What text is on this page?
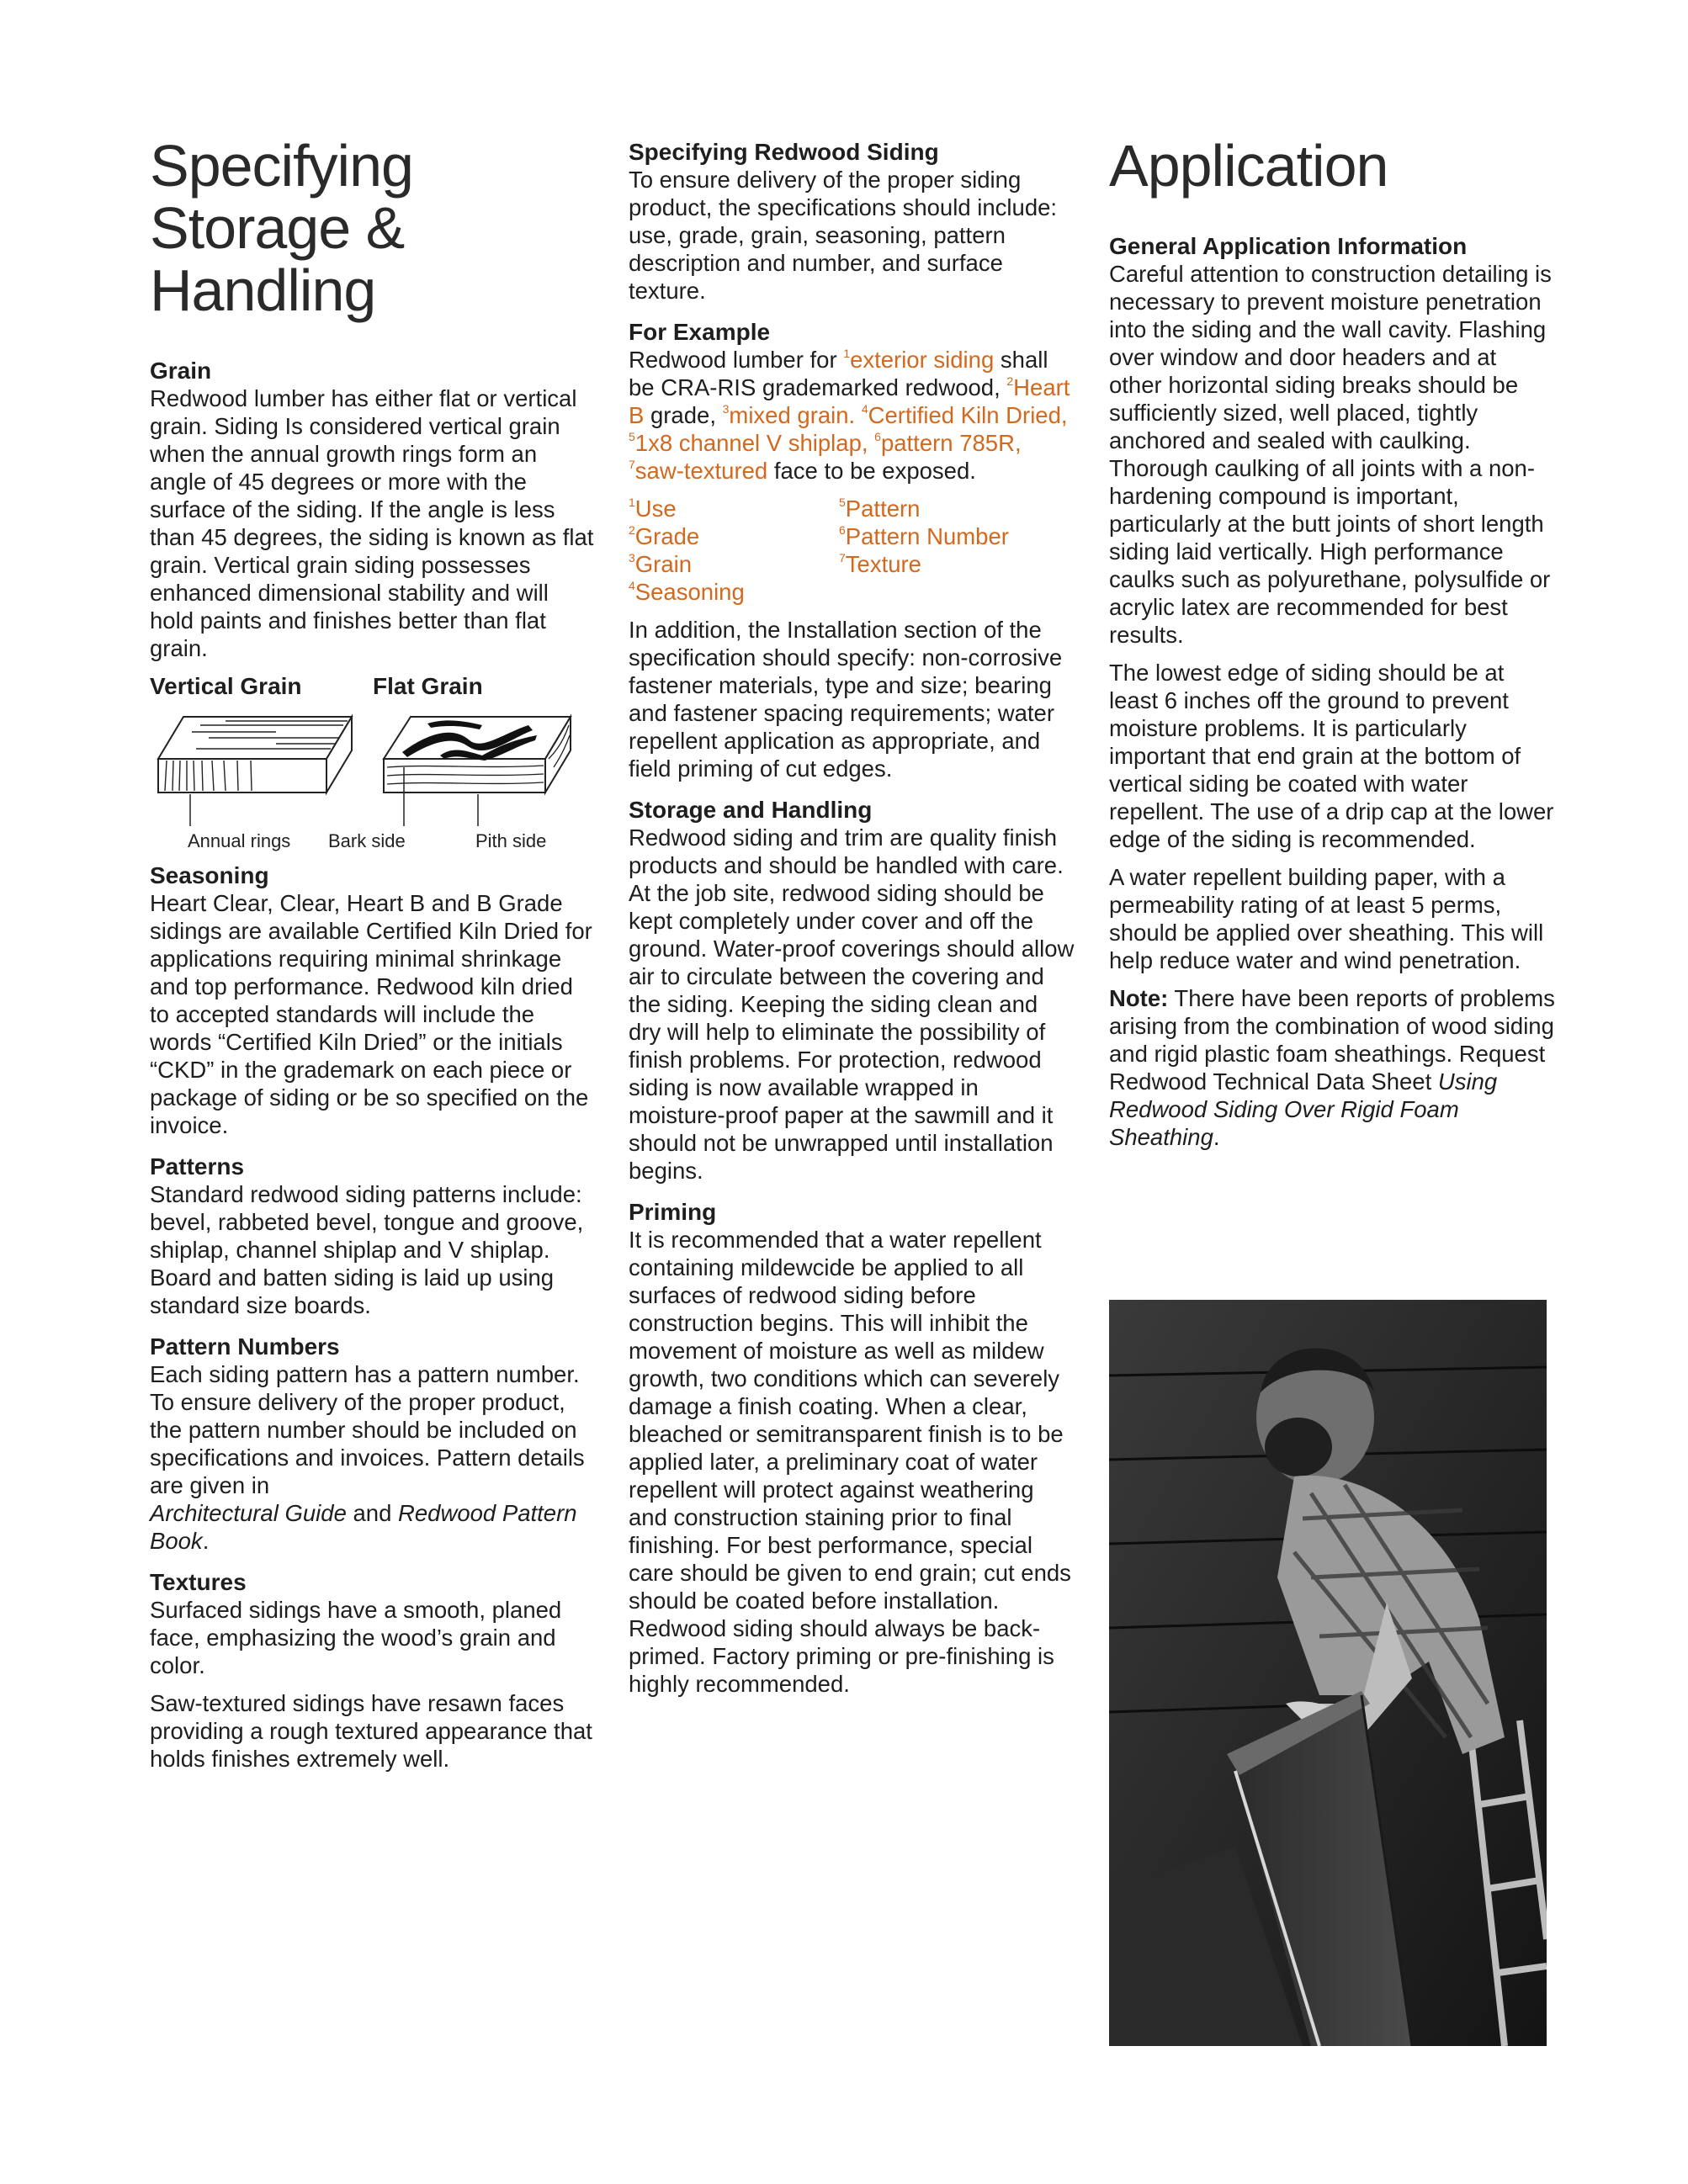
Specifying
Storage & Handling
Grain

Redwood lumber has either flat or vertical grain. Siding Is considered vertical grain when the annual growth rings form an angle of 45 degrees or more with the surface of the siding. If the angle is less than 45 degrees, the siding is known as flat grain. Vertical grain siding possesses enhanced dimensional stability and will hold paints and finishes better than flat grain.

Vertical Grain	Flat Grain
Annual rings Bark side	Pith side
Seasoning

Heart Clear, Clear, Heart B and B Grade sidings are available Certified Kiln Dried for applications requiring minimal shrinkage and top performance. Redwood kiln dried to accepted standards will include the words “Certified Kiln Dried” or the initials “CKD” in the grademark on each piece or package of siding or be so specified on the invoice.

Patterns

Standard redwood siding patterns include: bevel, rabbeted bevel, tongue and groove, shiplap, channel shiplap and V shiplap. Board and batten siding is laid up using standard size boards.

Pattern Numbers

Each siding pattern has a pattern number. To ensure delivery of the proper product, the pattern number should be included on specifications and invoices. Pattern details are given in
Architectural Guide and Redwood Pattern Book.

Textures

Surfaced sidings have a smooth, planed face, emphasizing the wood’s grain and color.

Saw-textured sidings have resawn faces providing a rough textured appearance that holds finishes extremely well.

Specifying Redwood Siding

To ensure delivery of the proper siding product, the specifications should include: use, grade, grain, seasoning, pattern description and number, and surface texture.

For Example

Redwood lumber for $^1$exterior siding shall be CRA-RIS grademarked redwood, $^2$Heart B grade, $^3$mixed grain. $^4$Certified Kiln Dried, $^5$1x8 channel V shiplap, $^6$pattern 785R, $^7$saw-textured face to be exposed.

$^1$Use	$^5$Pattern
$^2$Grade	$^6$Pattern Number
$^3$Grain	$^7$Texture
$^4$Seasoning

In addition, the Installation section of the specification should specify: non-corrosive fastener materials, type and size; bearing and fastener spacing requirements; water repellent application as appropriate, and field priming of cut edges.

Storage and Handling

Redwood siding and trim are quality finish products and should be handled with care. At the job site, redwood siding should be kept completely under cover and off the ground. Water-proof coverings should allow air to circulate between the covering and the siding. Keeping the siding clean and dry will help to eliminate the possibility of finish problems. For protection, redwood siding is now available wrapped in moisture-proof paper at the sawmill and it should not be unwrapped until installation begins.

Priming

It is recommended that a water repellent containing mildewcide be applied to all surfaces of redwood siding before construction begins. This will inhibit the movement of moisture as well as mildew growth, two conditions which can severely damage a finish coating. When a clear, bleached or semitransparent finish is to be applied later, a preliminary coat of water repellent will protect against weathering and construction staining prior to final finishing. For best performance, special care should be given to end grain; cut ends should be coated before installation. Redwood siding should always be back-primed. Factory priming or pre-finishing is highly recommended.

Application
General Application Information

Careful attention to construction detailing is necessary to prevent moisture penetration into the siding and the wall cavity. Flashing over window and door headers and at other horizontal siding breaks should be sufficiently sized, well placed, tightly anchored and sealed with caulking. Thorough caulking of all joints with a non-hardening compound is important, particularly at the butt joints of short length siding laid vertically. High performance caulks such as polyurethane, polysulfide or acrylic latex are recommended for best results.

The lowest edge of siding should be at least 6 inches off the ground to prevent moisture problems. It is particularly important that end grain at the bottom of vertical siding be coated with water repellent. The use of a drip cap at the lower edge of the siding is recommended.

A water repellent building paper, with a permeability rating of at least 5 perms, should be applied over sheathing. This will help reduce water and wind penetration.

Note: There have been reports of problems arising from the combination of wood siding and rigid plastic foam sheathings. Request Redwood Technical Data Sheet Using Redwood Siding Over Rigid Foam Sheathing.
